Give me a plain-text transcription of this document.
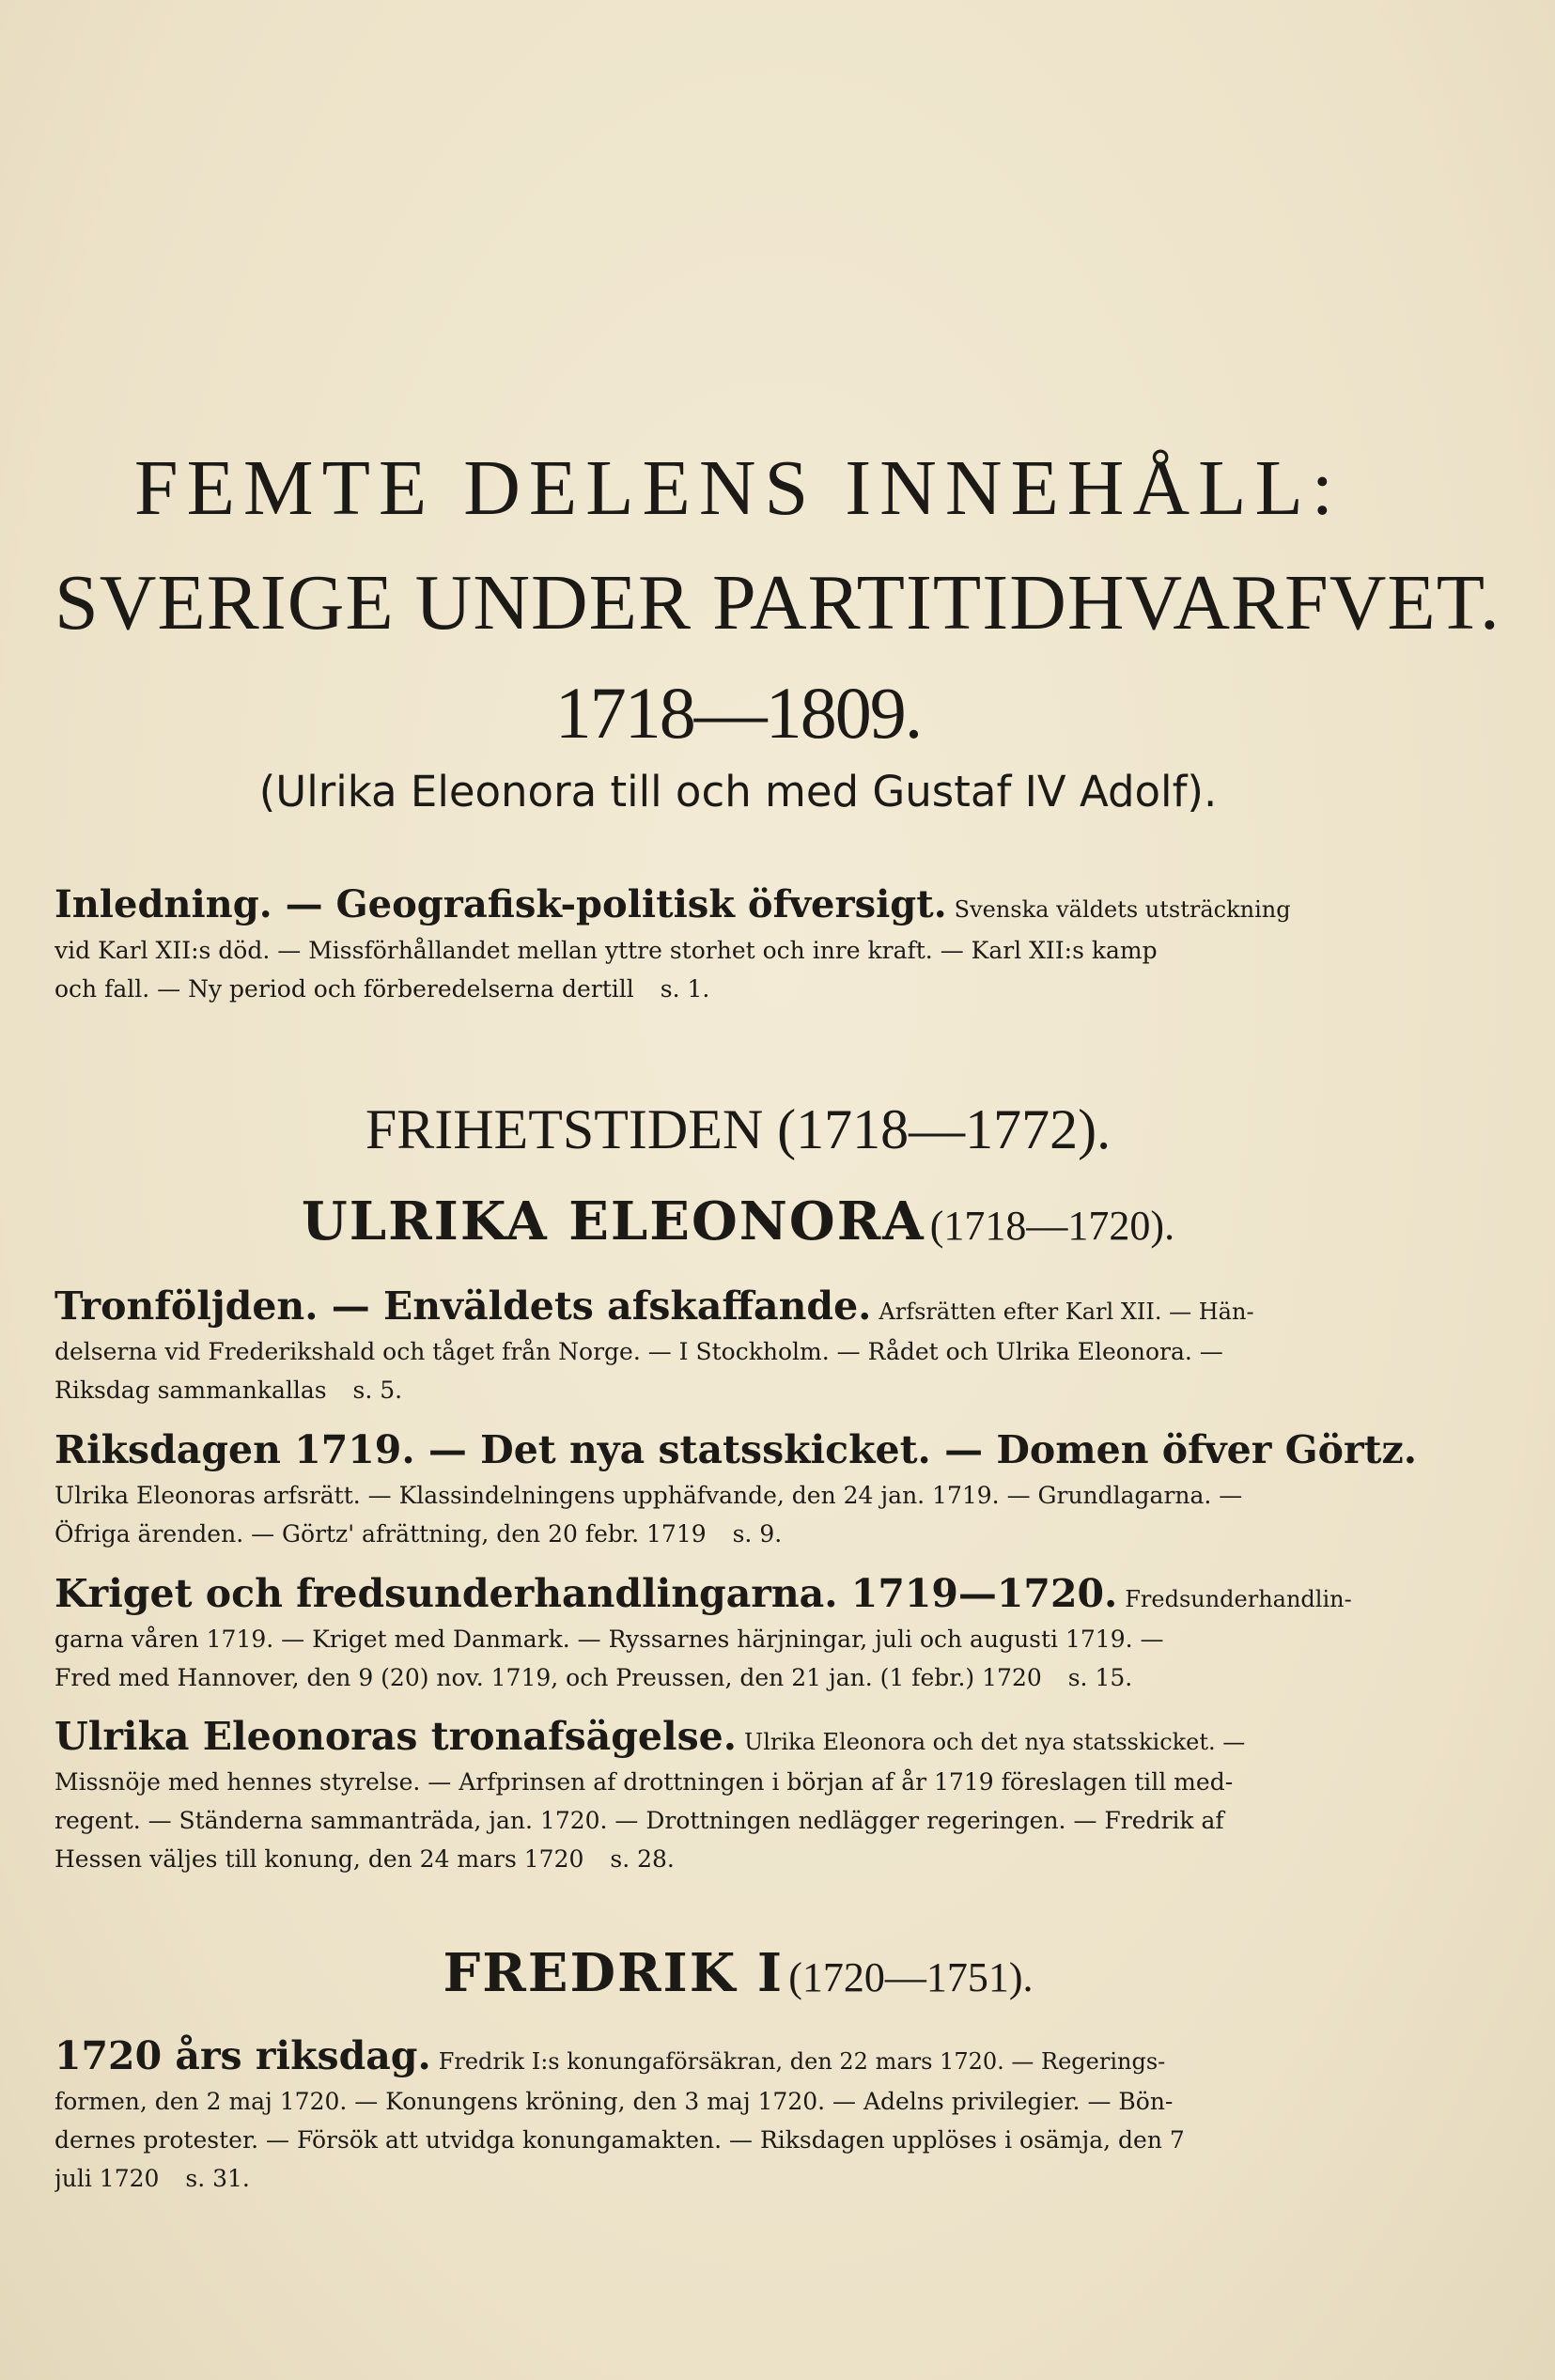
FEMTE DELENS INNEHÅLL:
SVERIGE UNDER PARTITIDHVARFVET.
1718—1809.
(Ulrika Eleonora till och med Gustaf IV Adolf).
Inledning. — Geografisk-politisk öfversigt. Svenska väldets utsträckning
vid Karl XII:s död. — Missförhållandet mellan yttre storhet och inre kraft. — Karl XII:s kamp
och fall. — Ny period och förberedelserna dertill s. 1.
FRIHETSTIDEN (1718—1772).
ULRIKA ELEONORA (1718—1720).
Tronföljden. — Enväldets afskaffande. Arfsrätten efter Karl XII. — Hän-
delserna vid Frederikshald och tåget från Norge. — I Stockholm. — Rådet och Ulrika Eleonora. —
Riksdag sammankallas s. 5.
Riksdagen 1719. — Det nya statsskicket. — Domen öfver Görtz.
Ulrika Eleonoras arfsrätt. — Klassindelningens upphäfvande, den 24 jan. 1719. — Grundlagarna. —
Öfriga ärenden. — Görtz' afrättning, den 20 febr. 1719 s. 9.
Kriget och fredsunderhandlingarna. 1719—1720. Fredsunderhandlin-
garna våren 1719. — Kriget med Danmark. — Ryssarnes härjningar, juli och augusti 1719. —
Fred med Hannover, den 9 (20) nov. 1719, och Preussen, den 21 jan. (1 febr.) 1720 s. 15.
Ulrika Eleonoras tronafsägelse. Ulrika Eleonora och det nya statsskicket. —
Missnöje med hennes styrelse. — Arfprinsen af drottningen i början af år 1719 föreslagen till med-
regent. — Ständerna sammanträda, jan. 1720. — Drottningen nedlägger regeringen. — Fredrik af
Hessen väljes till konung, den 24 mars 1720 s. 28.
FREDRIK I (1720—1751).
1720 års riksdag. Fredrik I:s konungaförsäkran, den 22 mars 1720. — Regerings-
formen, den 2 maj 1720. — Konungens kröning, den 3 maj 1720. — Adelns privilegier. — Bön-
dernes protester. — Försök att utvidga konungamakten. — Riksdagen upplöses i osämja, den 7
juli 1720 s. 31.
